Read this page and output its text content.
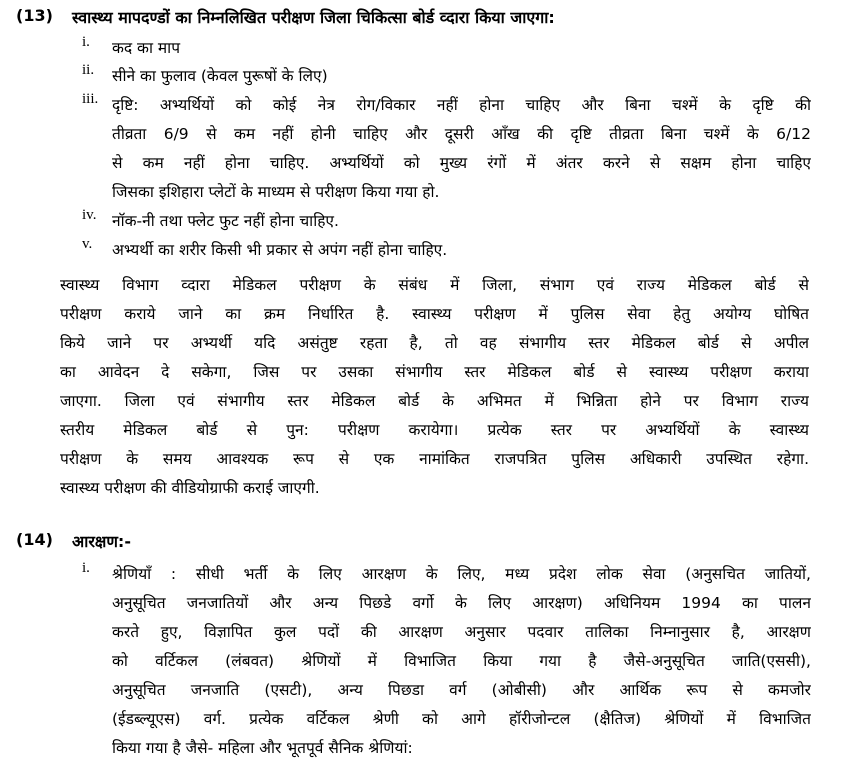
(13)	स्वास्थ्य मापदण्डों का निम्नलिखित परीक्षण जिला चिकित्सा बोर्ड व्दारा किया जाएगा:
i.	कद का माप
ii.	सीने का फुलाव (केवल पुरूषों के लिए)
iii. दृष्टि: अभ्यर्थियों को कोई नेत्र रोग/विकार नहीं होना चाहिए और बिना चश्में के दृष्टि की
तीव्रता 6/9 से कम नहीं होनी चाहिए और दूसरी आँख की दृष्टि तीव्रता बिना चश्में के 6/12
से कम नहीं होना चाहिए. अभ्यर्थियों को मुख्य रंगों में अंतर करने से सक्षम होना चाहिए
जिसका इशिहारा प्लेटों के माध्यम से परीक्षण किया गया हो.
iv.	नॉक-नी तथा फ्लेट फुट नहीं होना चाहिए.
v.	अभ्यर्थी का शरीर किसी भी प्रकार से अपंग नहीं होना चाहिए.
स्वास्थ्य विभाग व्दारा मेडिकल परीक्षण के संबंध में जिला, संभाग एवं राज्य मेडिकल बोर्ड से
परीक्षण कराये जाने का क्रम निर्धारित है. स्वास्थ्य परीक्षण में पुलिस सेवा हेतु अयोग्य घोषित
किये जाने पर अभ्यर्थी यदि असंतुष्ट रहता है, तो वह संभागीय स्तर मेडिकल बोर्ड से अपील
का आवेदन दे सकेगा, जिस पर उसका संभागीय स्तर मेडिकल बोर्ड से स्वास्थ्य परीक्षण कराया
जाएगा. जिला एवं संभागीय स्तर मेडिकल बोर्ड के अभिमत में भिन्निता होने पर विभाग राज्य
स्तरीय मेडिकल बोर्ड से पुन: परीक्षण करायेगा। प्रत्येक स्तर पर अभ्यर्थियों के स्वास्थ्य
परीक्षण के समय आवश्यक रूप से एक नामांकित राजपत्रित पुलिस अधिकारी उपस्थित रहेगा.
स्वास्थ्य परीक्षण की वीडियोग्राफी कराई जाएगी.
(14)	आरक्षण:-
i.	श्रेणियाँ : सीधी भर्ती के लिए आरक्षण के लिए, मध्य प्रदेश लोक सेवा (अनुसचित जातियों,
अनुसूचित जनजातियों और अन्य पिछडे वर्गो के लिए आरक्षण) अधिनियम 1994 का पालन
करते हुए, विज्ञापित कुल पदों की आरक्षण अनुसार पदवार तालिका निम्नानुसार है, आरक्षण
को वर्टिकल (लंबवत) श्रेणियों में विभाजित किया गया है जैसे-अनुसूचित जाति(एससी),
अनुसूचित जनजाति (एसटी), अन्य पिछडा वर्ग (ओबीसी) और आर्थिक रूप से कमजोर
(ईडब्ल्यूएस) वर्ग. प्रत्येक वर्टिकल श्रेणी को आगे हॉरीजोन्टल (क्षैतिज) श्रेणियों में विभाजित
किया गया है जैसे- महिला और भूतपूर्व सैनिक श्रेणियां:
